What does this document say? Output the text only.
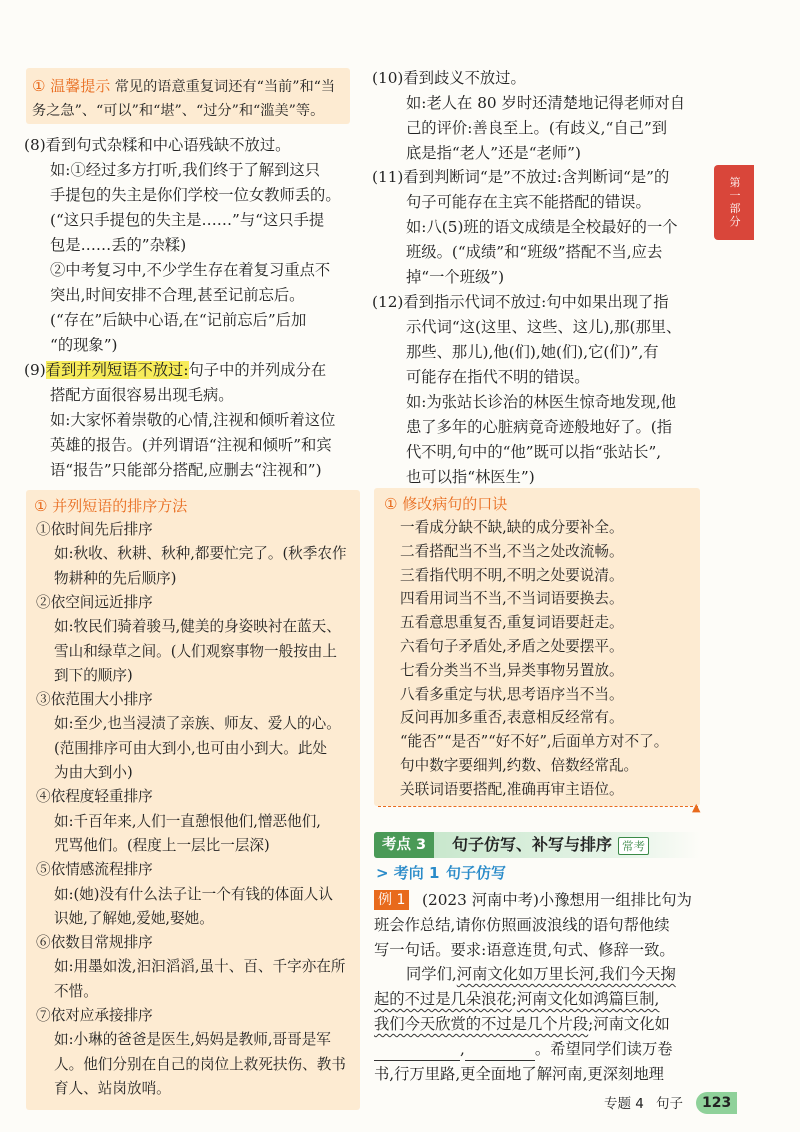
① 温馨提示 常见的语意重复词还有“当前”和“当
务之急”、“可以”和“堪”、“过分”和“滥美”等。
(8)看到句式杂糅和中心语残缺不放过。
如:①经过多方打听,我们终于了解到这只
手提包的失主是你们学校一位女教师丢的。
(“这只手提包的失主是……”与“这只手提
包是……丢的”杂糅)
②中考复习中,不少学生存在着复习重点不
突出,时间安排不合理,甚至记前忘后。
(“存在”后缺中心语,在“记前忘后”后加
“的现象”)
(9)看到并列短语不放过:句子中的并列成分在
搭配方面很容易出现毛病。
如:大家怀着崇敬的心情,注视和倾听着这位
英雄的报告。(并列谓语“注视和倾听”和宾
语“报告”只能部分搭配,应删去“注视和”)
① 并列短语的排序方法
①依时间先后排序
如:秋收、秋耕、秋种,都要忙完了。(秋季农作
物耕种的先后顺序)
②依空间远近排序
如:牧民们骑着骏马,健美的身姿映衬在蓝天、
雪山和绿草之间。(人们观察事物一般按由上
到下的顺序)
③依范围大小排序
如:至少,也当浸渍了亲族、师友、爱人的心。
(范围排序可由大到小,也可由小到大。此处
为由大到小)
④依程度轻重排序
如:千百年来,人们一直憩恨他们,憎恶他们,
咒骂他们。(程度上一层比一层深)
⑤依情感流程排序
如:(她)没有什么法子让一个有钱的体面人认
识她,了解她,爱她,娶她。
⑥依数目常规排序
如:用墨如泼,汩汩滔滔,虽十、百、千字亦在所
不惜。
⑦依对应承接排序
如:小琳的爸爸是医生,妈妈是教师,哥哥是军
人。他们分别在自己的岗位上救死扶伤、教书
育人、站岗放哨。
(10)看到歧义不放过。
如:老人在 80 岁时还清楚地记得老师对自
己的评价:善良至上。(有歧义,“自己”到
底是指“老人”还是“老师”)
(11)看到判断词“是”不放过:含判断词“是”的
句子可能存在主宾不能搭配的错误。
如:八(5)班的语文成绩是全校最好的一个
班级。(“成绩”和“班级”搭配不当,应去
掉“一个班级”)
(12)看到指示代词不放过:句中如果出现了指
示代词“这(这里、这些、这儿),那(那里、
那些、那儿),他(们),她(们),它(们)”,有
可能存在指代不明的错误。
如:为张站长诊治的林医生惊奇地发现,他
患了多年的心脏病竟奇迹般地好了。(指
代不明,句中的“他”既可以指“张站长”,
也可以指“林医生”)
▲
① 修改病句的口诀
一看成分缺不缺,缺的成分要补全。
二看搭配当不当,不当之处改流畅。
三看指代明不明,不明之处要说清。
四看用词当不当,不当词语要换去。
五看意思重复否,重复词语要赶走。
六看句子矛盾处,矛盾之处要摆平。
七看分类当不当,异类事物另置放。
八看多重定与状,思考语序当不当。
反问再加多重否,表意相反经常有。
“能否”“是否”“好不好”,后面单方对不了。
句中数字要细判,约数、倍数经常乱。
关联词语要搭配,准确再审主语位。
考点 3	句子仿写、补写与排序 常考
> 考向 1 句子仿写
例 1 (2023 河南中考)小豫想用一组排比句为
班会作总结,请你仿照画波浪线的语句帮他续
写一句话。要求:语意连贯,句式、修辞一致。
同学们,河南文化如万里长河,我们今天掬
起的不过是几朵浪花;河南文化如鸿篇巨制,
我们今天欣赏的不过是几个片段;河南文化如
,	。希望同学们读万卷
书,行万里路,更全面地了解河南,更深刻地理
第一部分
专题 4 句子	123
